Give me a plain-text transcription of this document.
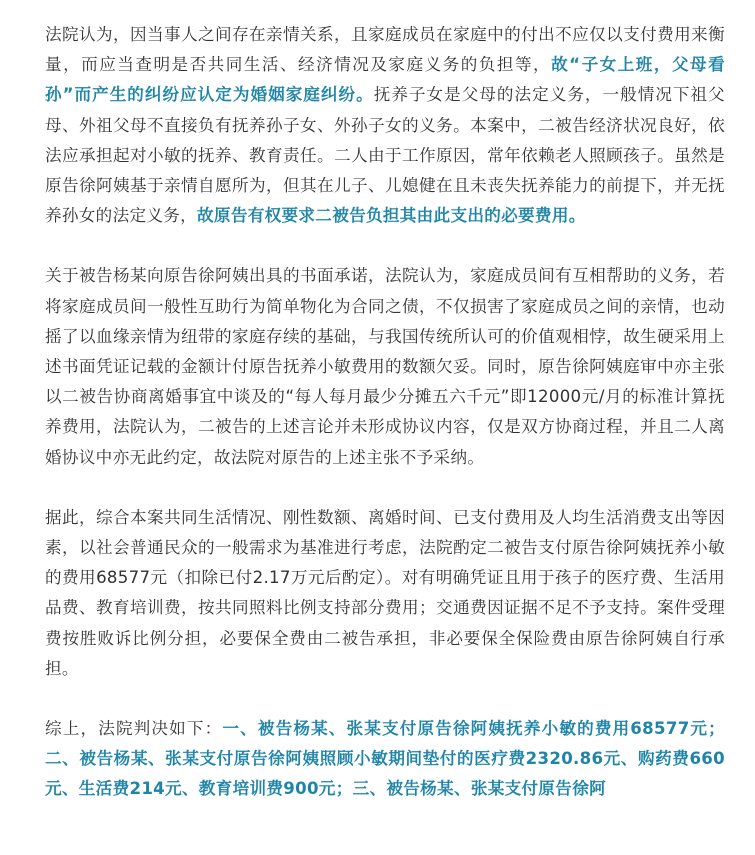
法院认为，因当事人之间存在亲情关系，且家庭成员在家庭中的付出不应仅以支付费用来衡量，而应当查明是否共同生活、经济情况及家庭义务的负担等，故“子女上班，父母看孙”而产生的纠纷应认定为婚姻家庭纠纷。抚养子女是父母的法定义务，一般情况下祖父母、外祖父母不直接负有抚养孙子女、外孙子女的义务。本案中，二被告经济状况良好，依法应承担起对小敏的抚养、教育责任。二人由于工作原因，常年依赖老人照顾孩子。虽然是原告徐阿姨基于亲情自愿所为，但其在儿子、儿媳健在且未丧失抚养能力的前提下，并无抚养孙女的法定义务，故原告有权要求二被告负担其由此支出的必要费用。

关于被告杨某向原告徐阿姨出具的书面承诺，法院认为，家庭成员间有互相帮助的义务，若将家庭成员间一般性互助行为简单物化为合同之债，不仅损害了家庭成员之间的亲情，也动摇了以血缘亲情为纽带的家庭存续的基础，与我国传统所认可的价值观相悖，故生硬采用上述书面凭证记载的金额计付原告抚养小敏费用的数额欠妥。同时，原告徐阿姨庭审中亦主张以二被告协商离婚事宜中谈及的“每人每月最少分摊五六千元”即12000元/月的标准计算抚养费用，法院认为，二被告的上述言论并未形成协议内容，仅是双方协商过程，并且二人离婚协议中亦无此约定，故法院对原告的上述主张不予采纳。

据此，综合本案共同生活情况、刚性数额、离婚时间、已支付费用及人均生活消费支出等因素，以社会普通民众的一般需求为基准进行考虑，法院酌定二被告支付原告徐阿姨抚养小敏的费用68577元（扣除已付2.17万元后酌定）。对有明确凭证且用于孩子的医疗费、生活用品费、教育培训费，按共同照料比例支持部分费用；交通费因证据不足不予支持。案件受理费按胜败诉比例分担，必要保全费由二被告承担，非必要保全保险费由原告徐阿姨自行承担。

综上，法院判决如下：一、被告杨某、张某支付原告徐阿姨抚养小敏的费用68577元；二、被告杨某、张某支付原告徐阿姨照顾小敏期间垫付的医疗费2320.86元、购药费660元、生活费214元、教育培训费900元；三、被告杨某、张某支付原告徐阿
